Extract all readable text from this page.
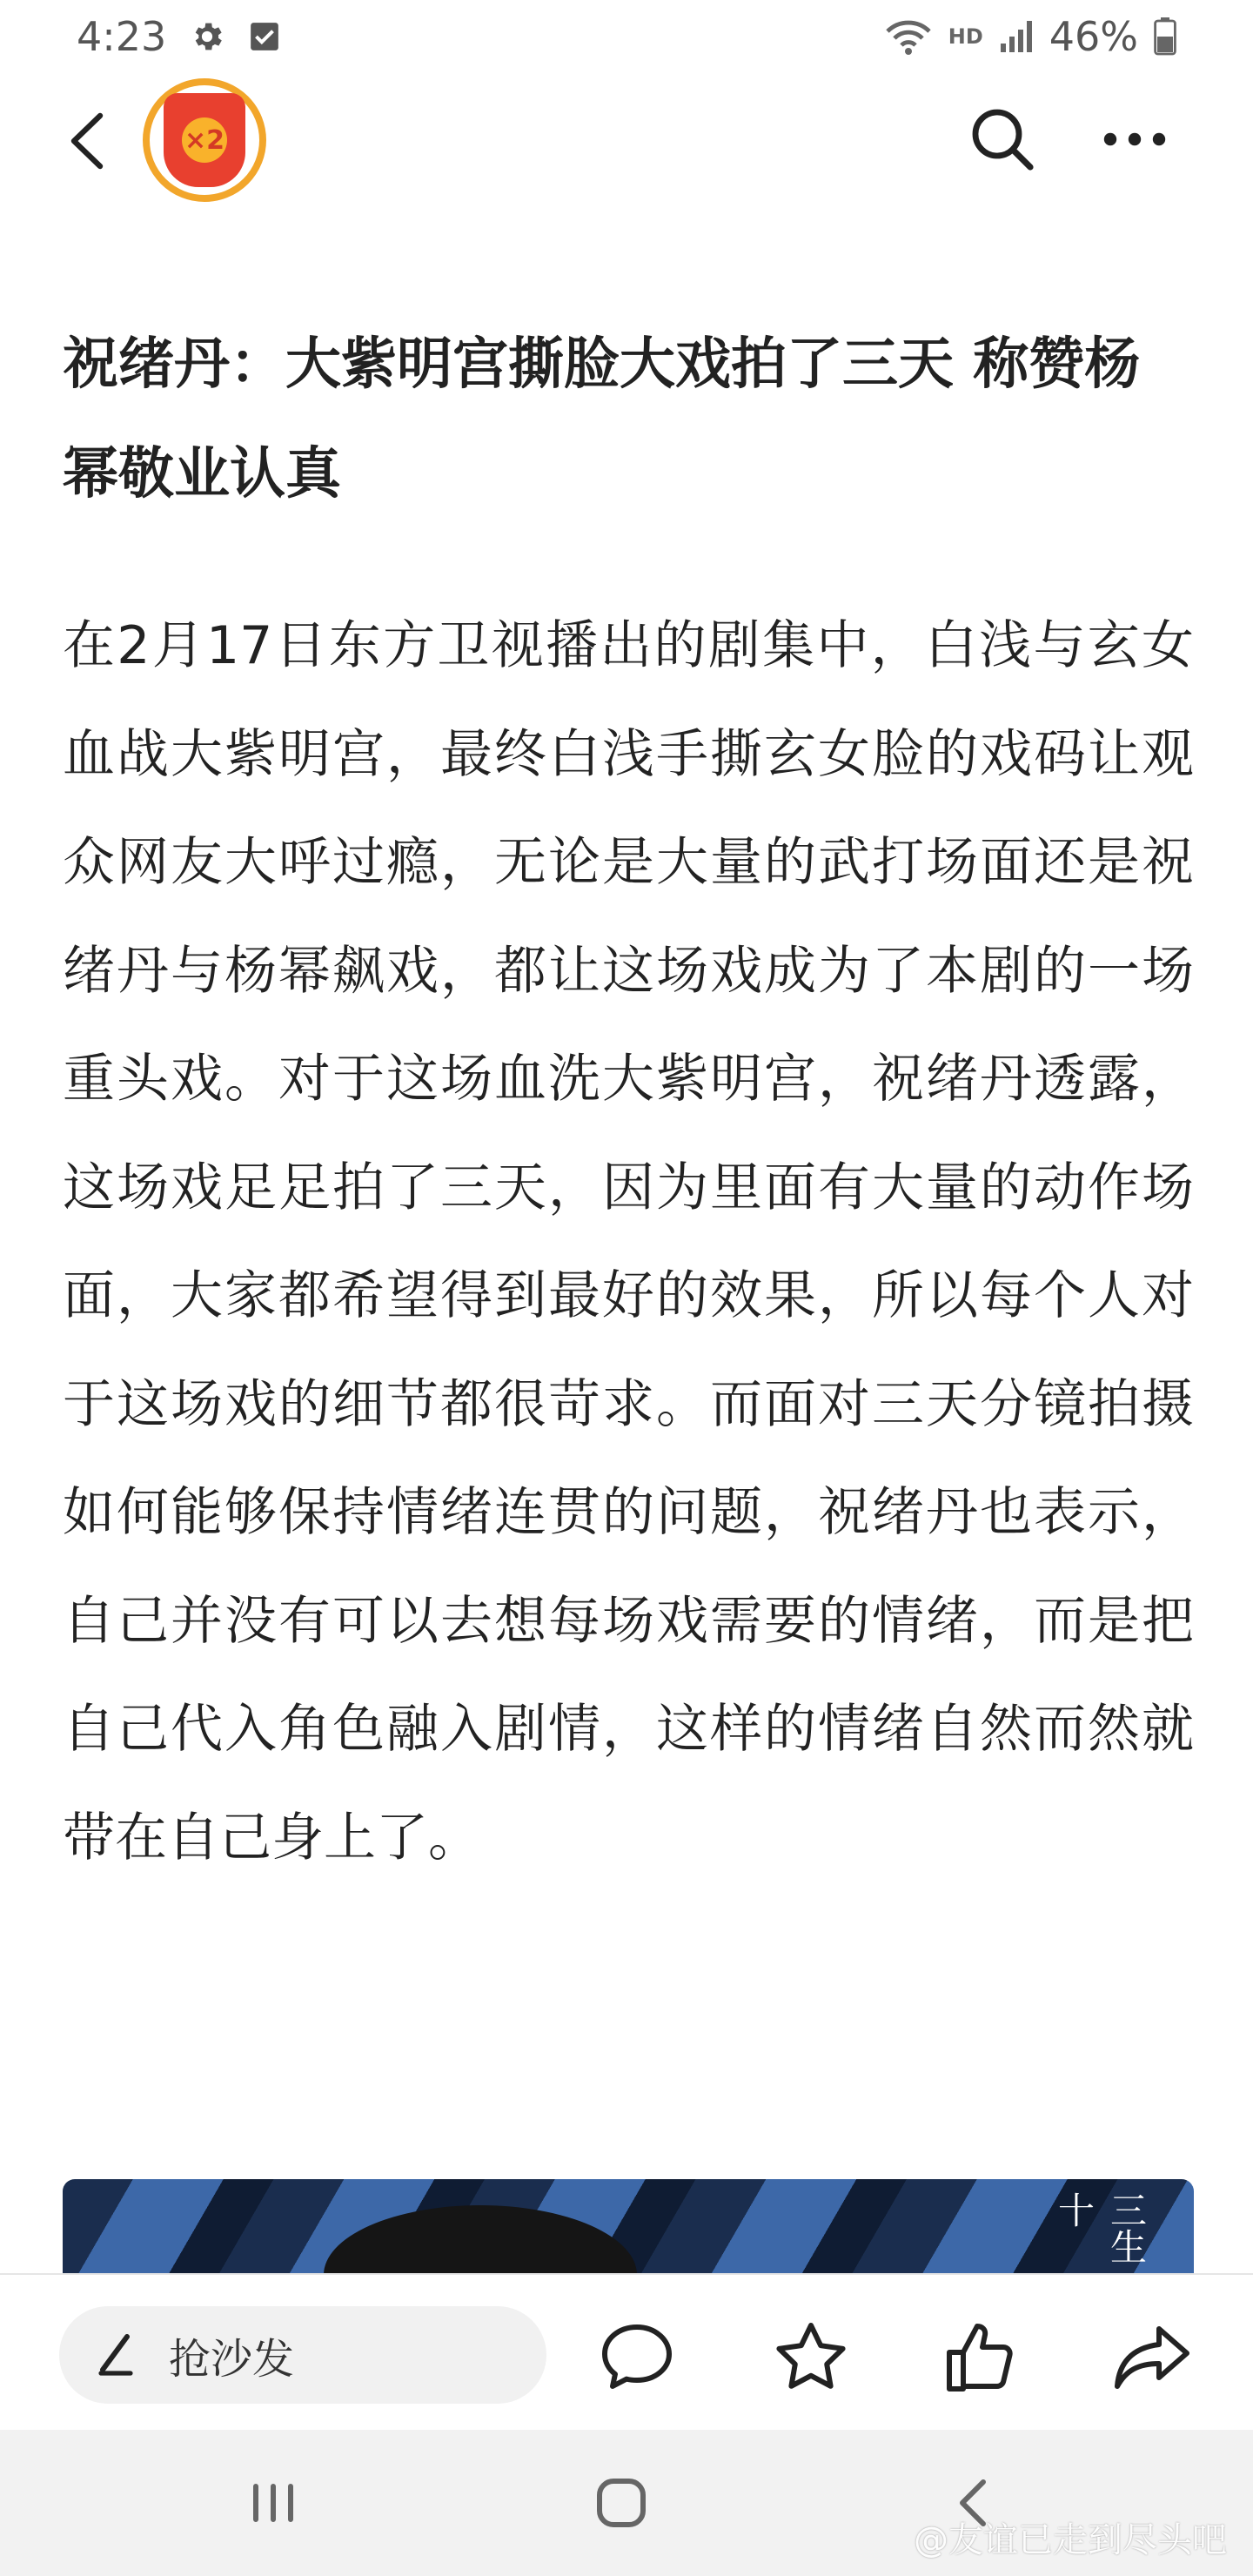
4:23	HD 46%
×2
祝绪丹：大紫明宫撕脸大戏拍了三天 称赞杨幂敬业认真

在2月17日东方卫视播出的剧集中，白浅与玄女血战大紫明宫，最终白浅手撕玄女脸的戏码让观众网友大呼过瘾，无论是大量的武打场面还是祝绪丹与杨幂飙戏，都让这场戏成为了本剧的一场重头戏。对于这场血洗大紫明宫，祝绪丹透露，这场戏足足拍了三天，因为里面有大量的动作场面，大家都希望得到最好的效果，所以每个人对于这场戏的细节都很苛求。而面对三天分镜拍摄如何能够保持情绪连贯的问题，祝绪丹也表示，自己并没有可以去想每场戏需要的情绪，而是把自己代入角色融入剧情，这样的情绪自然而然就带在自己身上了。

三生十
抢沙发
@友谊已走到尽头吧
